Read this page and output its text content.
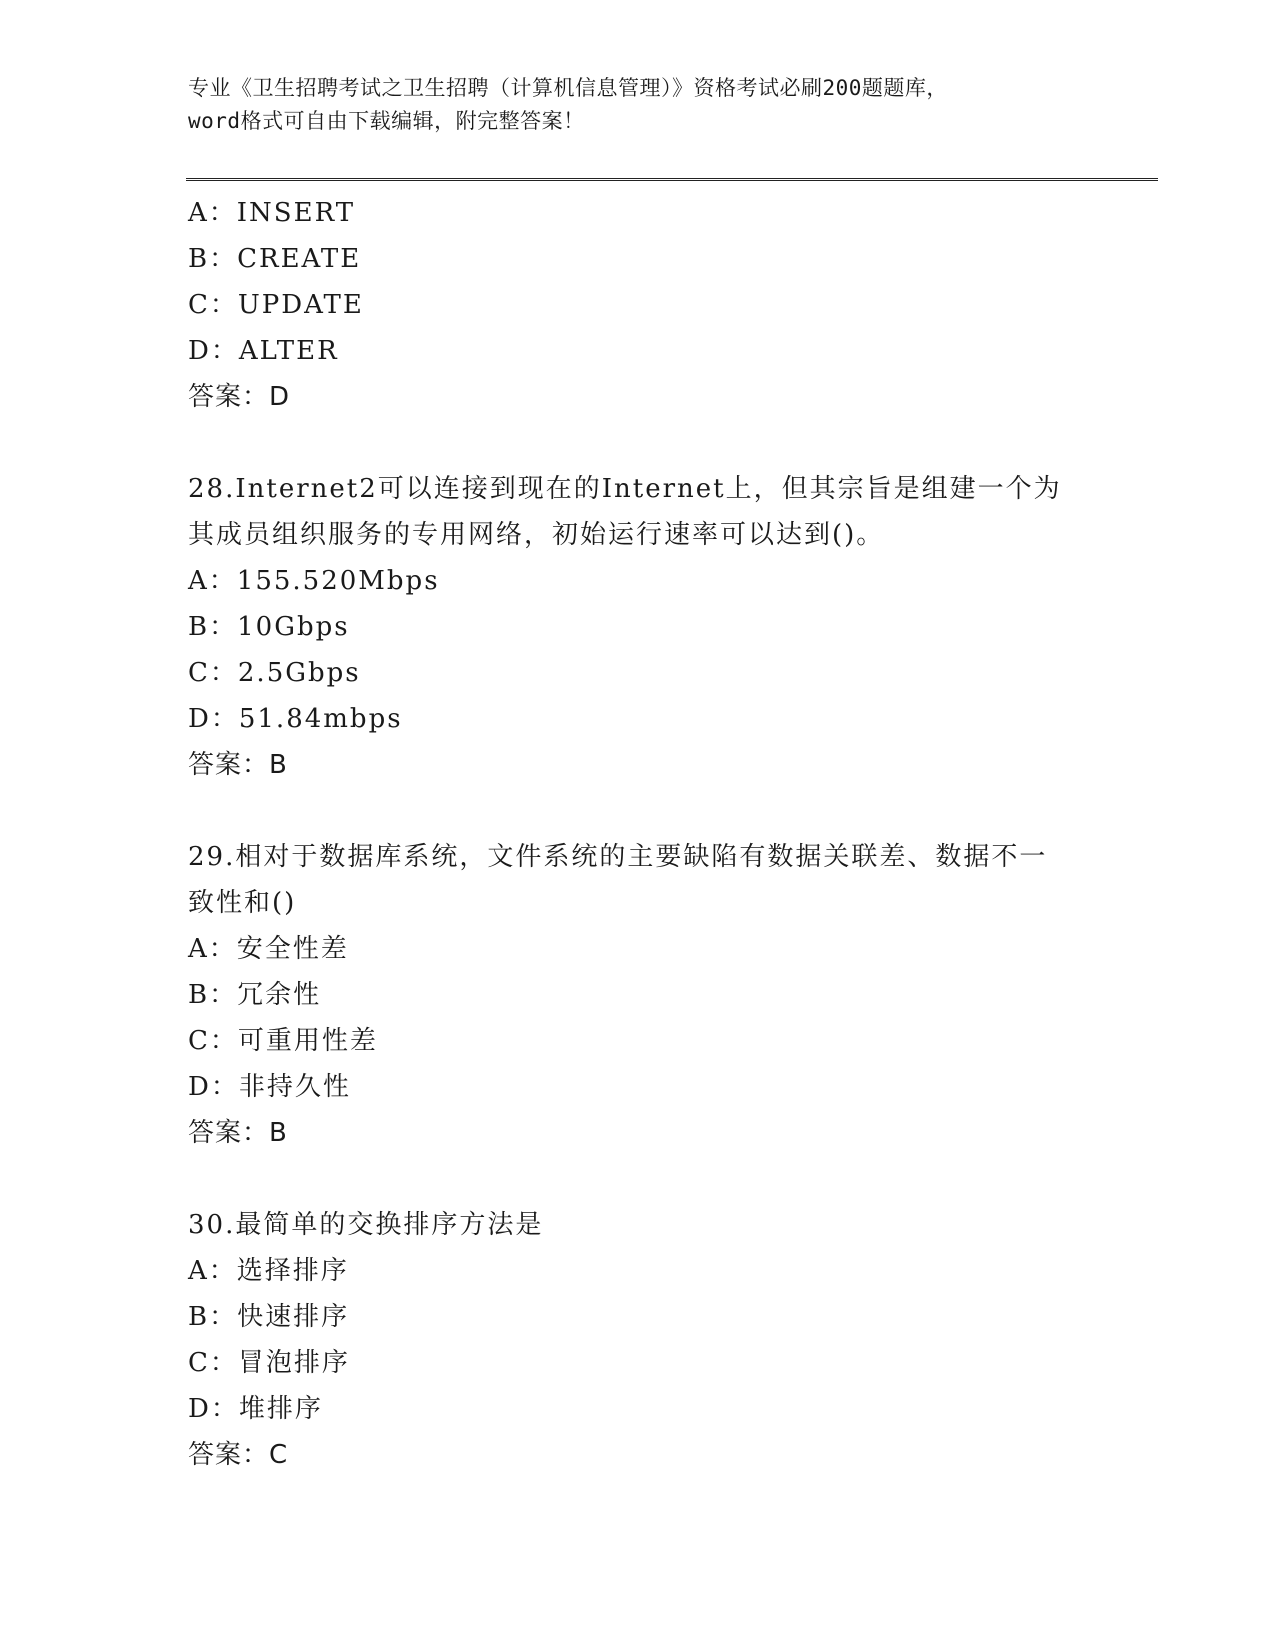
专业《卫生招聘考试之卫生招聘（计算机信息管理）》资格考试必刷200题题库，
word格式可自由下载编辑，附完整答案！
A：INSERT
B：CREATE
C：UPDATE
D：ALTER
答案：D
28.Internet2可以连接到现在的Internet上，但其宗旨是组建一个为
其成员组织服务的专用网络，初始运行速率可以达到()。
A：155.520Mbps
B：10Gbps
C：2.5Gbps
D：51.84mbps
答案：B
29.相对于数据库系统，文件系统的主要缺陷有数据关联差、数据不一
致性和()
A：安全性差
B：冗余性
C：可重用性差
D：非持久性
答案：B
30.最简单的交换排序方法是
A：选择排序
B：快速排序
C：冒泡排序
D：堆排序
答案：C
